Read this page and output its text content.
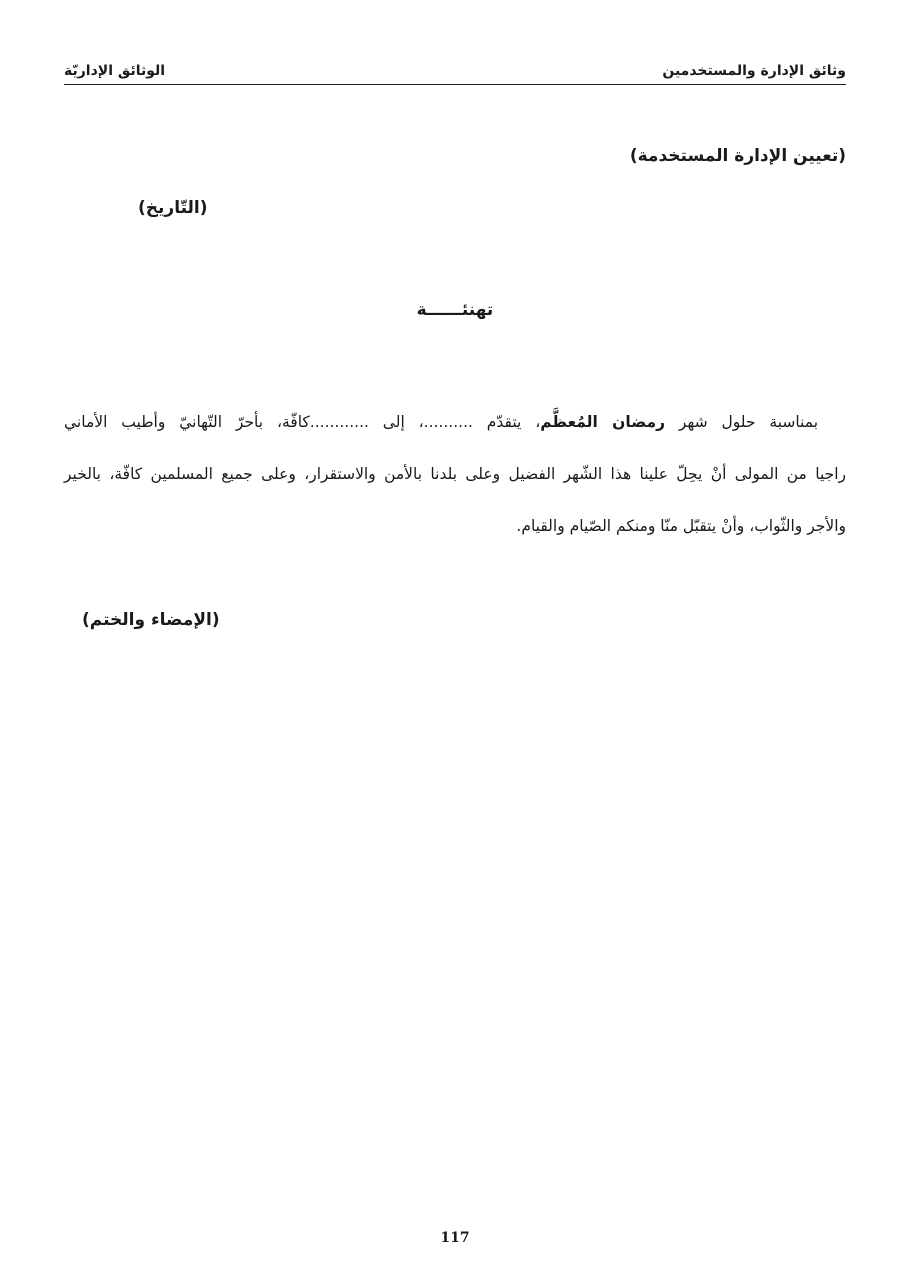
وثائق الإدارة والمستخدمين
الوثائق الإداريّة
(تعيين الإدارة المستخدمة)
(التّاريخ)
تهنئــــــة
بمناسبة حلول شهر رمضان المُعظَّم، يتقدّم ..........، إلى ............كافّة، بأحرّ التّهانيّ وأطيب الأماني
راجيا من المولى أنْ يحِلّ علينا هذا الشّهر الفضيل وعلى بلدنا بالأمن والاستقرار، وعلى جميع المسلمين كافّة، بالخير
والأجر والثّواب، وأنْ يتقبّل منّا ومنكم الصّيام والقيام.
(الإمضاء والختم)
117
